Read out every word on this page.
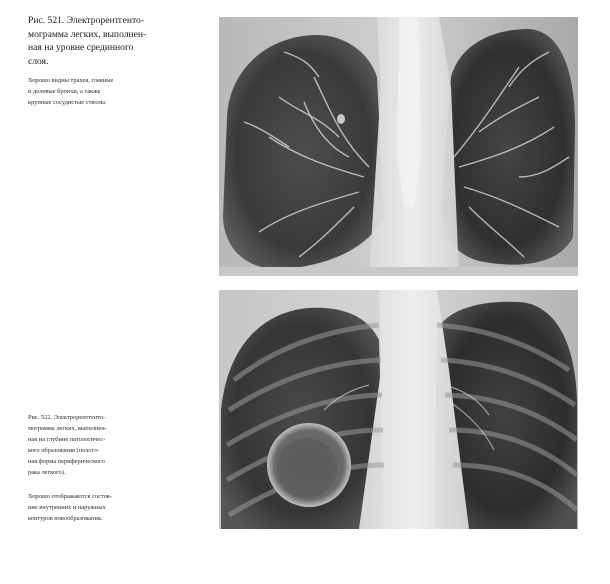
Рис. 521. Электрорентгенто-
мограмма легких, выполнен-
ная на уровне срединного
слоя.
Хорошо видны трахея, главные
и долевые бронхи, а также
крупные сосудистые стволы.
Рис. 522. Электрорентгенто-
мограмма легких, выполнен-
ная на глубине патологичес-
кого образования (полост-
ная форма периферического
рака легкого).
Хорошо отображаются состоя-
ние внутренних и наружных
контуров новообразования.
